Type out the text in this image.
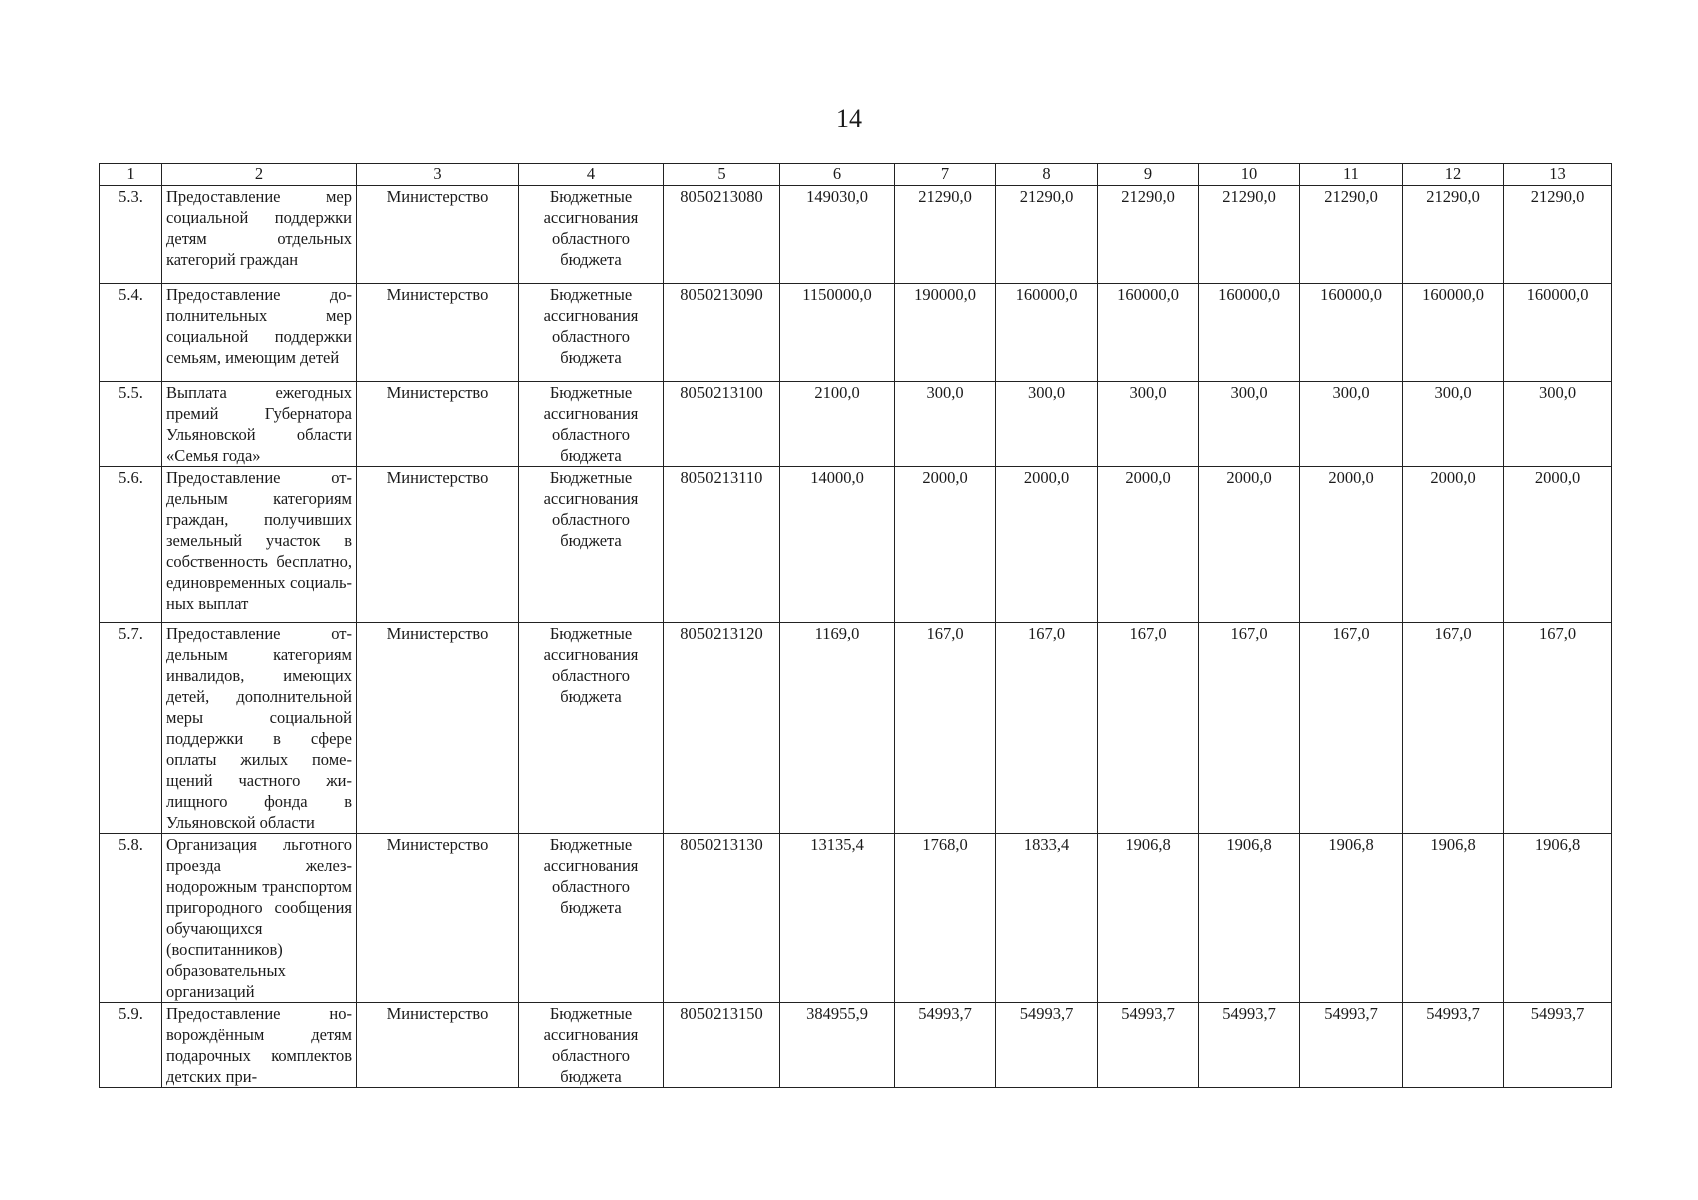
14
1	2	3	4	5	6	7	8	9	10	11	12	13
5.3.	Предоставление мер социальной поддержки детям отдельных категорий граждан	Министерство	Бюджетные ассигнования областного бюджета	8050213080	149030,0	21290,0	21290,0	21290,0	21290,0	21290,0	21290,0	21290,0
5.4.	Предоставление дополнительных мер социальной поддержки семьям, имеющим детей	Министерство	Бюджетные ассигнования областного бюджета	8050213090	1150000,0	190000,0	160000,0	160000,0	160000,0	160000,0	160000,0	160000,0
5.5.	Выплата ежегодных премий Губернатора Ульяновской области «Семья года»	Министерство	Бюджетные ассигнования областного бюджета	8050213100	2100,0	300,0	300,0	300,0	300,0	300,0	300,0	300,0
5.6.	Предоставление отдельным категориям граждан, получивших земельный участок в собственность бесплатно, единовременных социальных выплат	Министерство	Бюджетные ассигнования областного бюджета	8050213110	14000,0	2000,0	2000,0	2000,0	2000,0	2000,0	2000,0	2000,0
5.7.	Предоставление отдельным категориям инвалидов, имеющих детей, дополнительной меры социальной поддержки в сфере оплаты жилых помещений частного жилищного фонда в Ульяновской области	Министерство	Бюджетные ассигнования областного бюджета	8050213120	1169,0	167,0	167,0	167,0	167,0	167,0	167,0	167,0
5.8.	Организация льготного проезда железнодорожным транспортом пригородного сообщения обучающихся (воспитанников) образовательных организаций	Министерство	Бюджетные ассигнования областного бюджета	8050213130	13135,4	1768,0	1833,4	1906,8	1906,8	1906,8	1906,8	1906,8
5.9.	Предоставление новорождённым детям подарочных комплектов детских при-	Министерство	Бюджетные ассигнования областного бюджета	8050213150	384955,9	54993,7	54993,7	54993,7	54993,7	54993,7	54993,7	54993,7
